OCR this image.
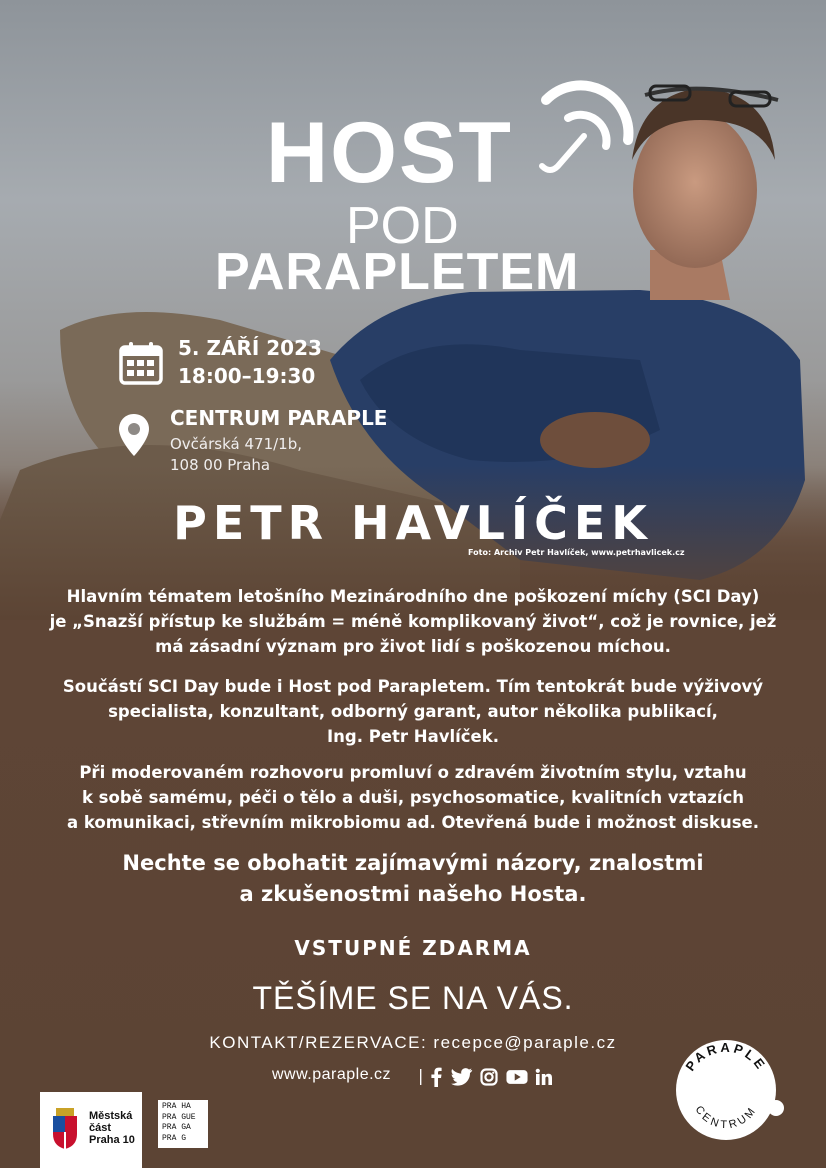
HOST
POD
PARAPLETEM
5. ZÁŘÍ 2023
18:00–19:30
CENTRUM PARAPLE
Ovčárská 471/1b,
108 00 Praha
PETR HAVLÍČEK
Foto: Archiv Petr Havlíček, www.petrhavlicek.cz

Hlavním tématem letošního Mezinárodního dne poškození míchy (SCI Day)
je „Snazší přístup ke službám = méně komplikovaný život“, což je rovnice, jež
má zásadní význam pro život lidí s poškozenou míchou.

Součástí SCI Day bude i Host pod Parapletem. Tím tentokrát bude výživový
specialista, konzultant, odborný garant, autor několika publikací,
Ing. Petr Havlíček.

Při moderovaném rozhovoru promluví o zdravém životním stylu, vztahu
k sobě samému, péči o tělo a duši, psychosomatice, kvalitních vztazích
a komunikaci, střevním mikrobiomu ad. Otevřená bude i možnost diskuse.

Nechte se obohatit zajímavými názory, znalostmi
a zkušenostmi našeho Hosta.
VSTUPNÉ ZDARMA
TĚŠÍME SE NA VÁS.
KONTAKT/REZERVACE: recepce@paraple.cz
www.paraple.cz |
Městská
část
Praha 10
PRA HA
PRA GUE
PRA GA
PRA G
PARAPLE
CENTRUM
